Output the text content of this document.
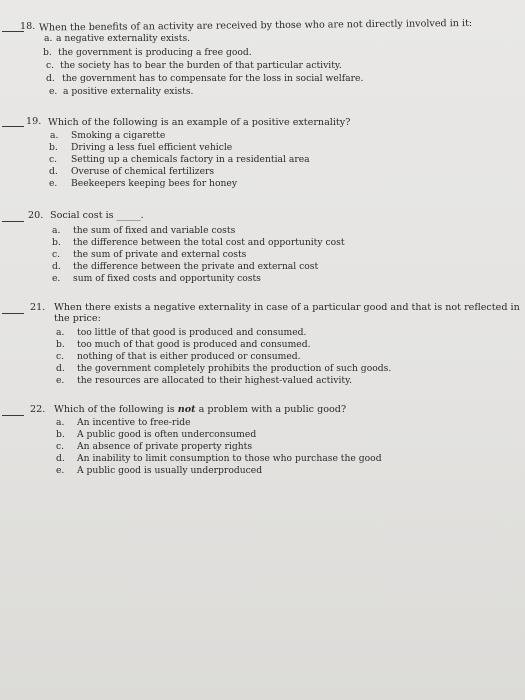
18. When the benefits of an activity are received by those who are not directly involved in it:
a. a negative externality exists.
b. the government is producing a free good.
c. the society has to bear the burden of that particular activity.
d. the government has to compensate for the loss in social welfare.
e. a positive externality exists.
19. Which of the following is an example of a positive externality?
a. Smoking a cigarette
b. Driving a less fuel efficient vehicle
c. Setting up a chemicals factory in a residential area
d. Overuse of chemical fertilizers
e. Beekeepers keeping bees for honey
20. Social cost is _____.
a. the sum of fixed and variable costs
b. the difference between the total cost and opportunity cost
c. the sum of private and external costs
d. the difference between the private and external cost
e. sum of fixed costs and opportunity costs
21. When there exists a negative externality in case of a particular good and that is not reflected in the price:
a. too little of that good is produced and consumed.
b. too much of that good is produced and consumed.
c. nothing of that is either produced or consumed.
d. the government completely prohibits the production of such goods.
e. the resources are allocated to their highest-valued activity.
22. Which of the following is not a problem with a public good?
a. An incentive to free-ride
b. A public good is often underconsumed
c. An absence of private property rights
d. An inability to limit consumption to those who purchase the good
e. A public good is usually underproduced
